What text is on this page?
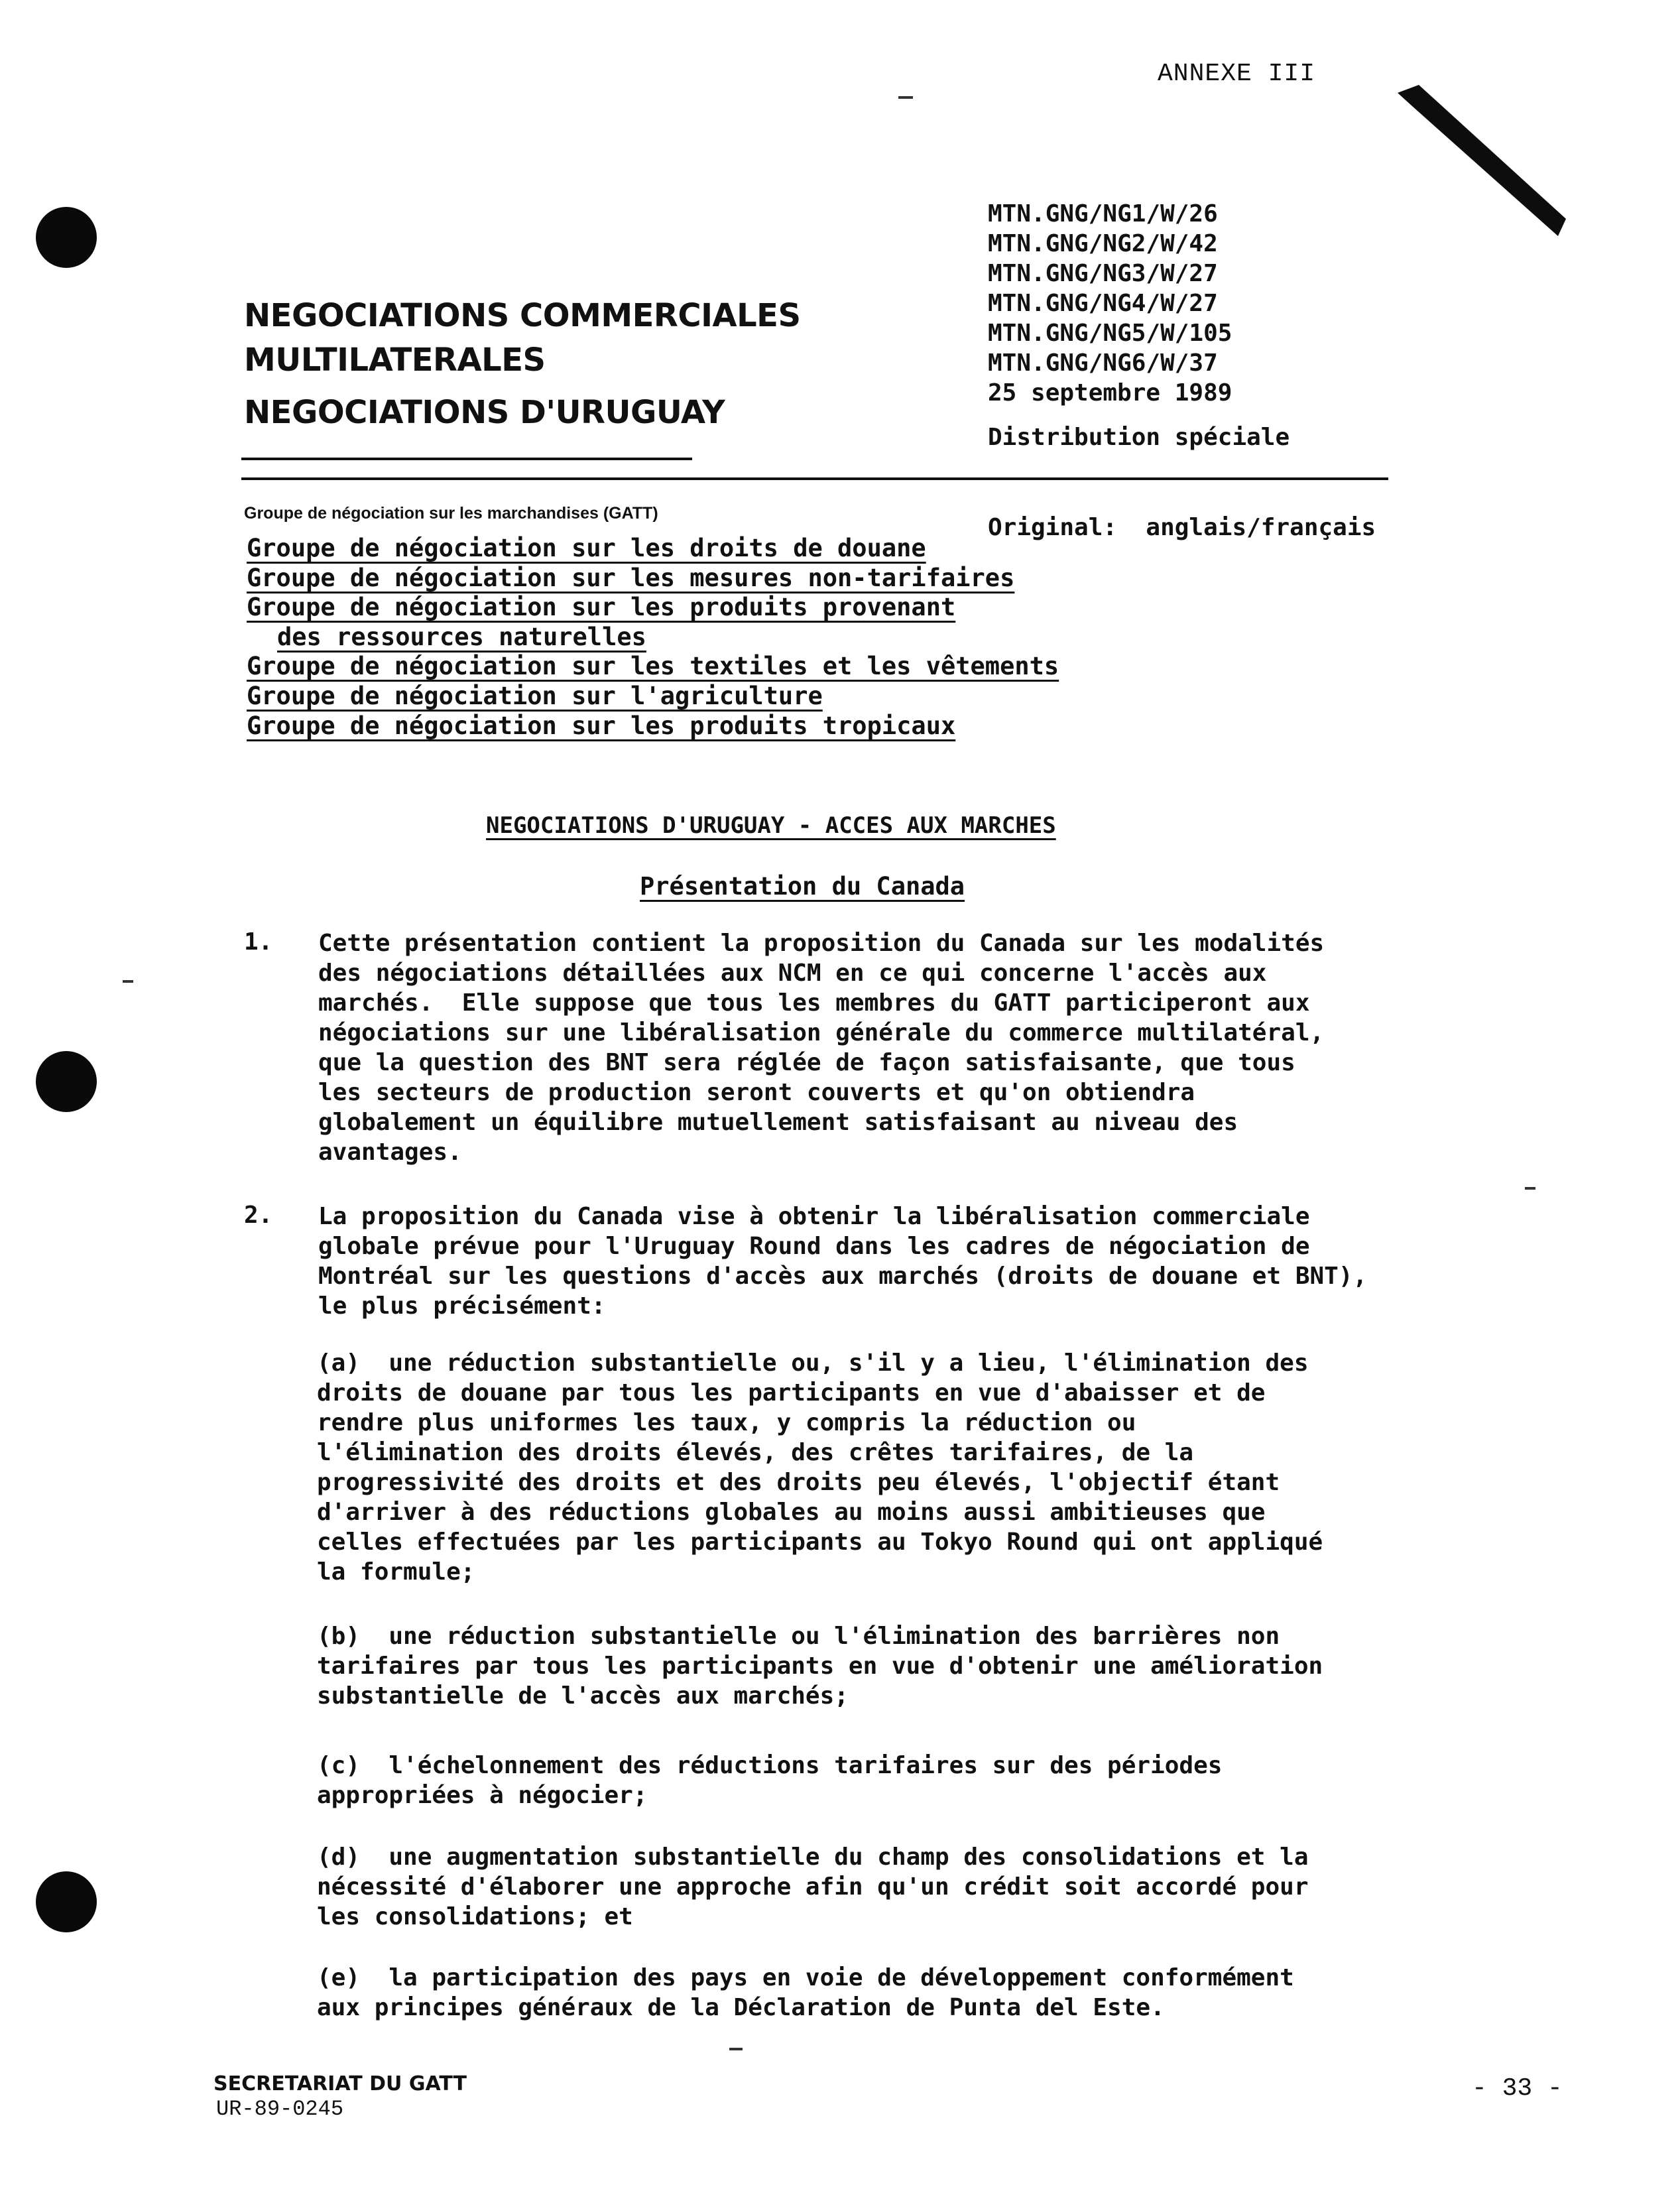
ANNEXE III
MTN.GNG/NG1/W/26
MTN.GNG/NG2/W/42
MTN.GNG/NG3/W/27
MTN.GNG/NG4/W/27
MTN.GNG/NG5/W/105
MTN.GNG/NG6/W/37
25 septembre 1989
Distribution spéciale
NEGOCIATIONS COMMERCIALES
MULTILATERALES
NEGOCIATIONS D'URUGUAY
Groupe de négociation sur les marchandises (GATT)
Original:  anglais/français
Groupe de négociation sur les droits de douane
Groupe de négociation sur les mesures non-tarifaires
Groupe de négociation sur les produits provenant
des ressources naturelles
Groupe de négociation sur les textiles et les vêtements
Groupe de négociation sur l'agriculture
Groupe de négociation sur les produits tropicaux
NEGOCIATIONS D'URUGUAY - ACCES AUX MARCHES
Présentation du Canada
1. Cette présentation contient la proposition du Canada sur les modalités
des négociations détaillées aux NCM en ce qui concerne l'accès aux
marchés.  Elle suppose que tous les membres du GATT participeront aux
négociations sur une libéralisation générale du commerce multilatéral,
que la question des BNT sera réglée de façon satisfaisante, que tous
les secteurs de production seront couverts et qu'on obtiendra
globalement un équilibre mutuellement satisfaisant au niveau des
avantages.
2. La proposition du Canada vise à obtenir la libéralisation commerciale
globale prévue pour l'Uruguay Round dans les cadres de négociation de
Montréal sur les questions d'accès aux marchés (droits de douane et BNT),
le plus précisément:
(a)  une réduction substantielle ou, s'il y a lieu, l'élimination des
droits de douane par tous les participants en vue d'abaisser et de
rendre plus uniformes les taux, y compris la réduction ou
l'élimination des droits élevés, des crêtes tarifaires, de la
progressivité des droits et des droits peu élevés, l'objectif étant
d'arriver à des réductions globales au moins aussi ambitieuses que
celles effectuées par les participants au Tokyo Round qui ont appliqué
la formule;
(b)  une réduction substantielle ou l'élimination des barrières non
tarifaires par tous les participants en vue d'obtenir une amélioration
substantielle de l'accès aux marchés;
(c)  l'échelonnement des réductions tarifaires sur des périodes
appropriées à négocier;
(d)  une augmentation substantielle du champ des consolidations et la
nécessité d'élaborer une approche afin qu'un crédit soit accordé pour
les consolidations; et
(e)  la participation des pays en voie de développement conformément
aux principes généraux de la Déclaration de Punta del Este.
SECRETARIAT DU GATT
UR-89-0245
- 33 -
